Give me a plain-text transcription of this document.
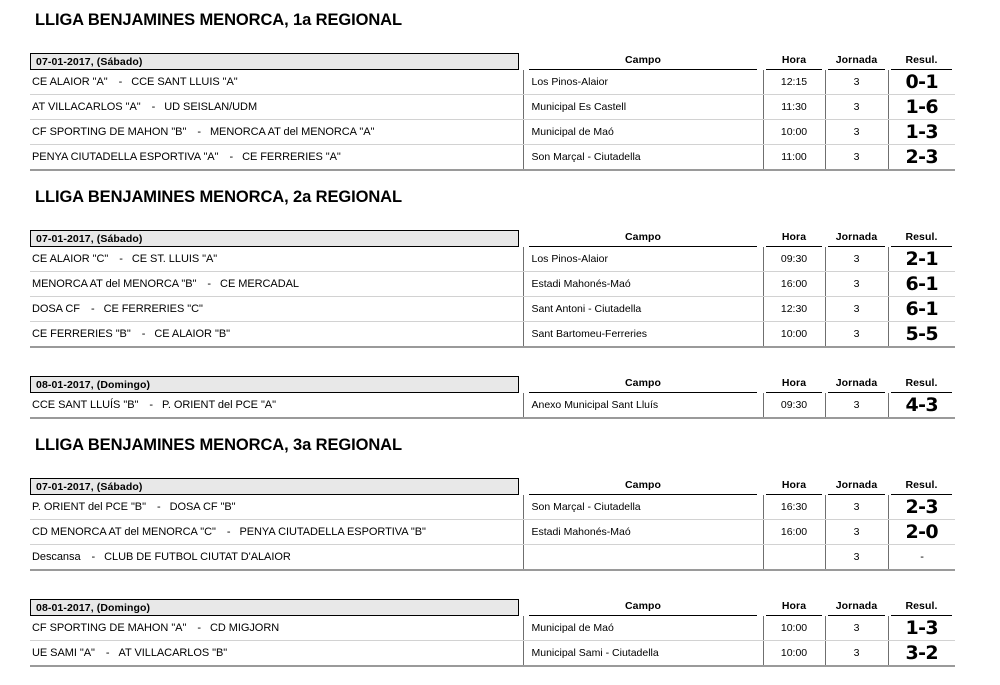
LLIGA BENJAMINES MENORCA, 1a REGIONAL
07-01-2017, (Sábado)	Campo	Hora	Jornada	Resul.

CE ALAIOR "A" - CCE SANT LLUIS "A"	Los Pinos-Alaior	12:15	3	0-1

AT VILLACARLOS "A" - UD SEISLAN/UDM	Municipal Es Castell	11:30	3	1-6

CF SPORTING DE MAHON "B" - MENORCA AT del MENORCA "A"	Municipal de Maó	10:00	3	1-3

PENYA CIUTADELLA ESPORTIVA "A" - CE FERRERIES "A"	Son Marçal - Ciutadella	11:00	3	2-3
LLIGA BENJAMINES MENORCA, 2a REGIONAL
07-01-2017, (Sábado)	Campo	Hora	Jornada	Resul.

CE ALAIOR "C" - CE ST. LLUIS "A"	Los Pinos-Alaior	09:30	3	2-1

MENORCA AT del MENORCA "B" - CE MERCADAL	Estadi Mahonés-Maó	16:00	3	6-1

DOSA CF - CE FERRERIES "C"	Sant Antoni - Ciutadella	12:30	3	6-1

CE FERRERIES "B" - CE ALAIOR "B"	Sant Bartomeu-Ferreries	10:00	3	5-5
08-01-2017, (Domingo)	Campo	Hora	Jornada	Resul.

CCE SANT LLUÍS "B" - P. ORIENT del PCE "A"	Anexo Municipal Sant Lluís	09:30	3	4-3
LLIGA BENJAMINES MENORCA, 3a REGIONAL
07-01-2017, (Sábado)	Campo	Hora	Jornada	Resul.

P. ORIENT del PCE "B" - DOSA CF "B"	Son Marçal - Ciutadella	16:30	3	2-3

CD MENORCA AT del MENORCA "C" - PENYA CIUTADELLA ESPORTIVA "B"	Estadi Mahonés-Maó	16:00	3	2-0

Descansa - CLUB DE FUTBOL CIUTAT D'ALAIOR			3	-
08-01-2017, (Domingo)	Campo	Hora	Jornada	Resul.

CF SPORTING DE MAHON "A" - CD MIGJORN	Municipal de Maó	10:00	3	1-3

UE SAMI "A" - AT VILLACARLOS "B"	Municipal Sami - Ciutadella	10:00	3	3-2
